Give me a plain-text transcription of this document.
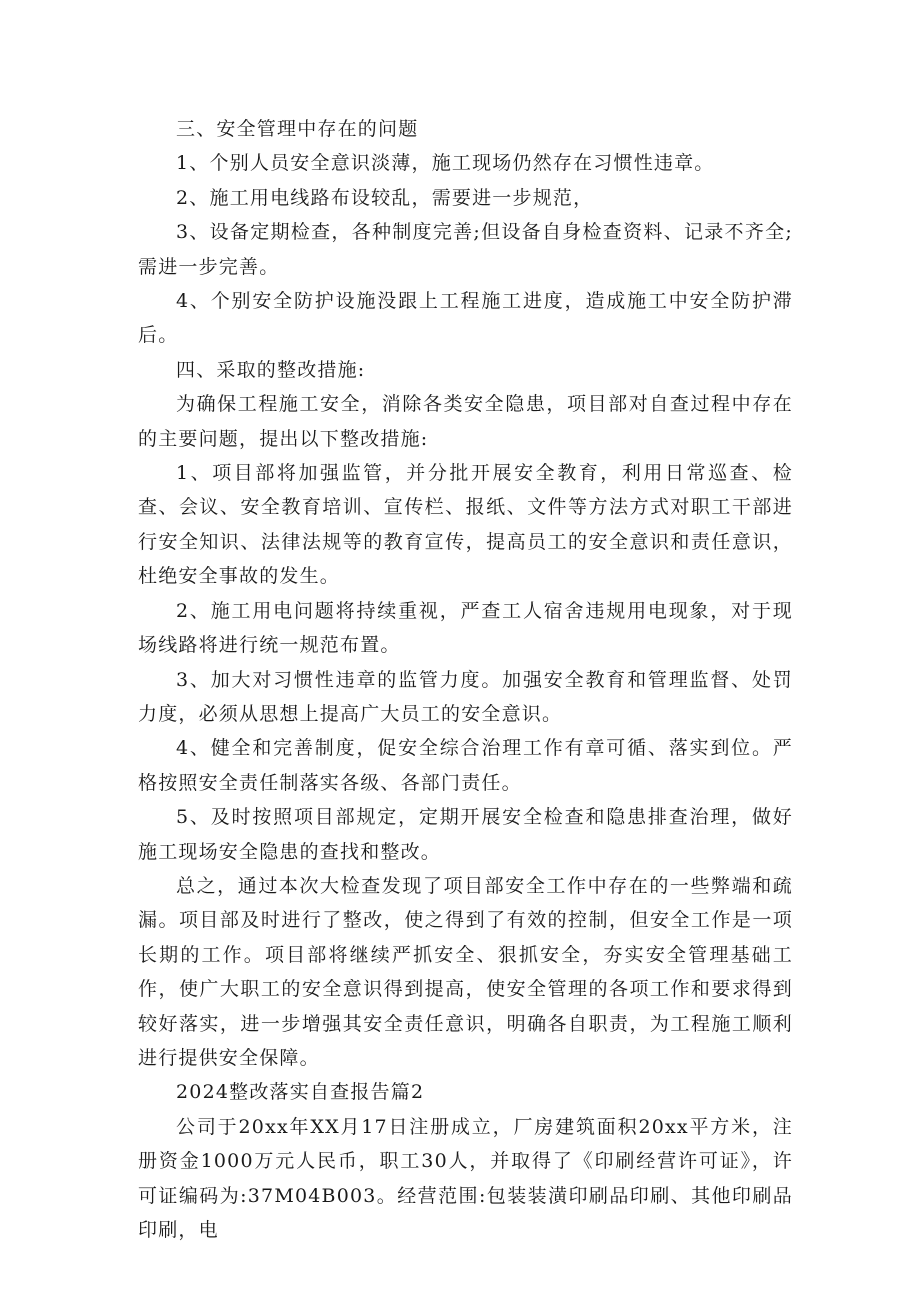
三、安全管理中存在的问题

1、个别人员安全意识淡薄，施工现场仍然存在习惯性违章。

2、施工用电线路布设较乱，需要进一步规范，

3、设备定期检查，各种制度完善;但设备自身检查资料、记录不齐全;需进一步完善。

4、个别安全防护设施没跟上工程施工进度，造成施工中安全防护滞后。

四、采取的整改措施:

为确保工程施工安全，消除各类安全隐患，项目部对自查过程中存在的主要问题，提出以下整改措施:

1、项目部将加强监管，并分批开展安全教育，利用日常巡查、检查、会议、安全教育培训、宣传栏、报纸、文件等方法方式对职工干部进行安全知识、法律法规等的教育宣传，提高员工的安全意识和责任意识，杜绝安全事故的发生。

2、施工用电问题将持续重视，严查工人宿舍违规用电现象，对于现场线路将进行统一规范布置。

3、加大对习惯性违章的监管力度。加强安全教育和管理监督、处罚力度，必须从思想上提高广大员工的安全意识。

4、健全和完善制度，促安全综合治理工作有章可循、落实到位。严格按照安全责任制落实各级、各部门责任。

5、及时按照项目部规定，定期开展安全检查和隐患排查治理，做好施工现场安全隐患的查找和整改。

总之，通过本次大检查发现了项目部安全工作中存在的一些弊端和疏漏。项目部及时进行了整改，使之得到了有效的控制，但安全工作是一项长期的工作。项目部将继续严抓安全、狠抓安全，夯实安全管理基础工作，使广大职工的安全意识得到提高，使安全管理的各项工作和要求得到较好落实，进一步增强其安全责任意识，明确各自职责，为工程施工顺利进行提供安全保障。

2024整改落实自查报告篇2

公司于20xx年XX月17日注册成立，厂房建筑面积20xx平方米，注册资金1000万元人民币，职工30人，并取得了《印刷经营许可证》，许可证编码为:37M04B003。经营范围:包装装潢印刷品印刷、其他印刷品印刷，电
